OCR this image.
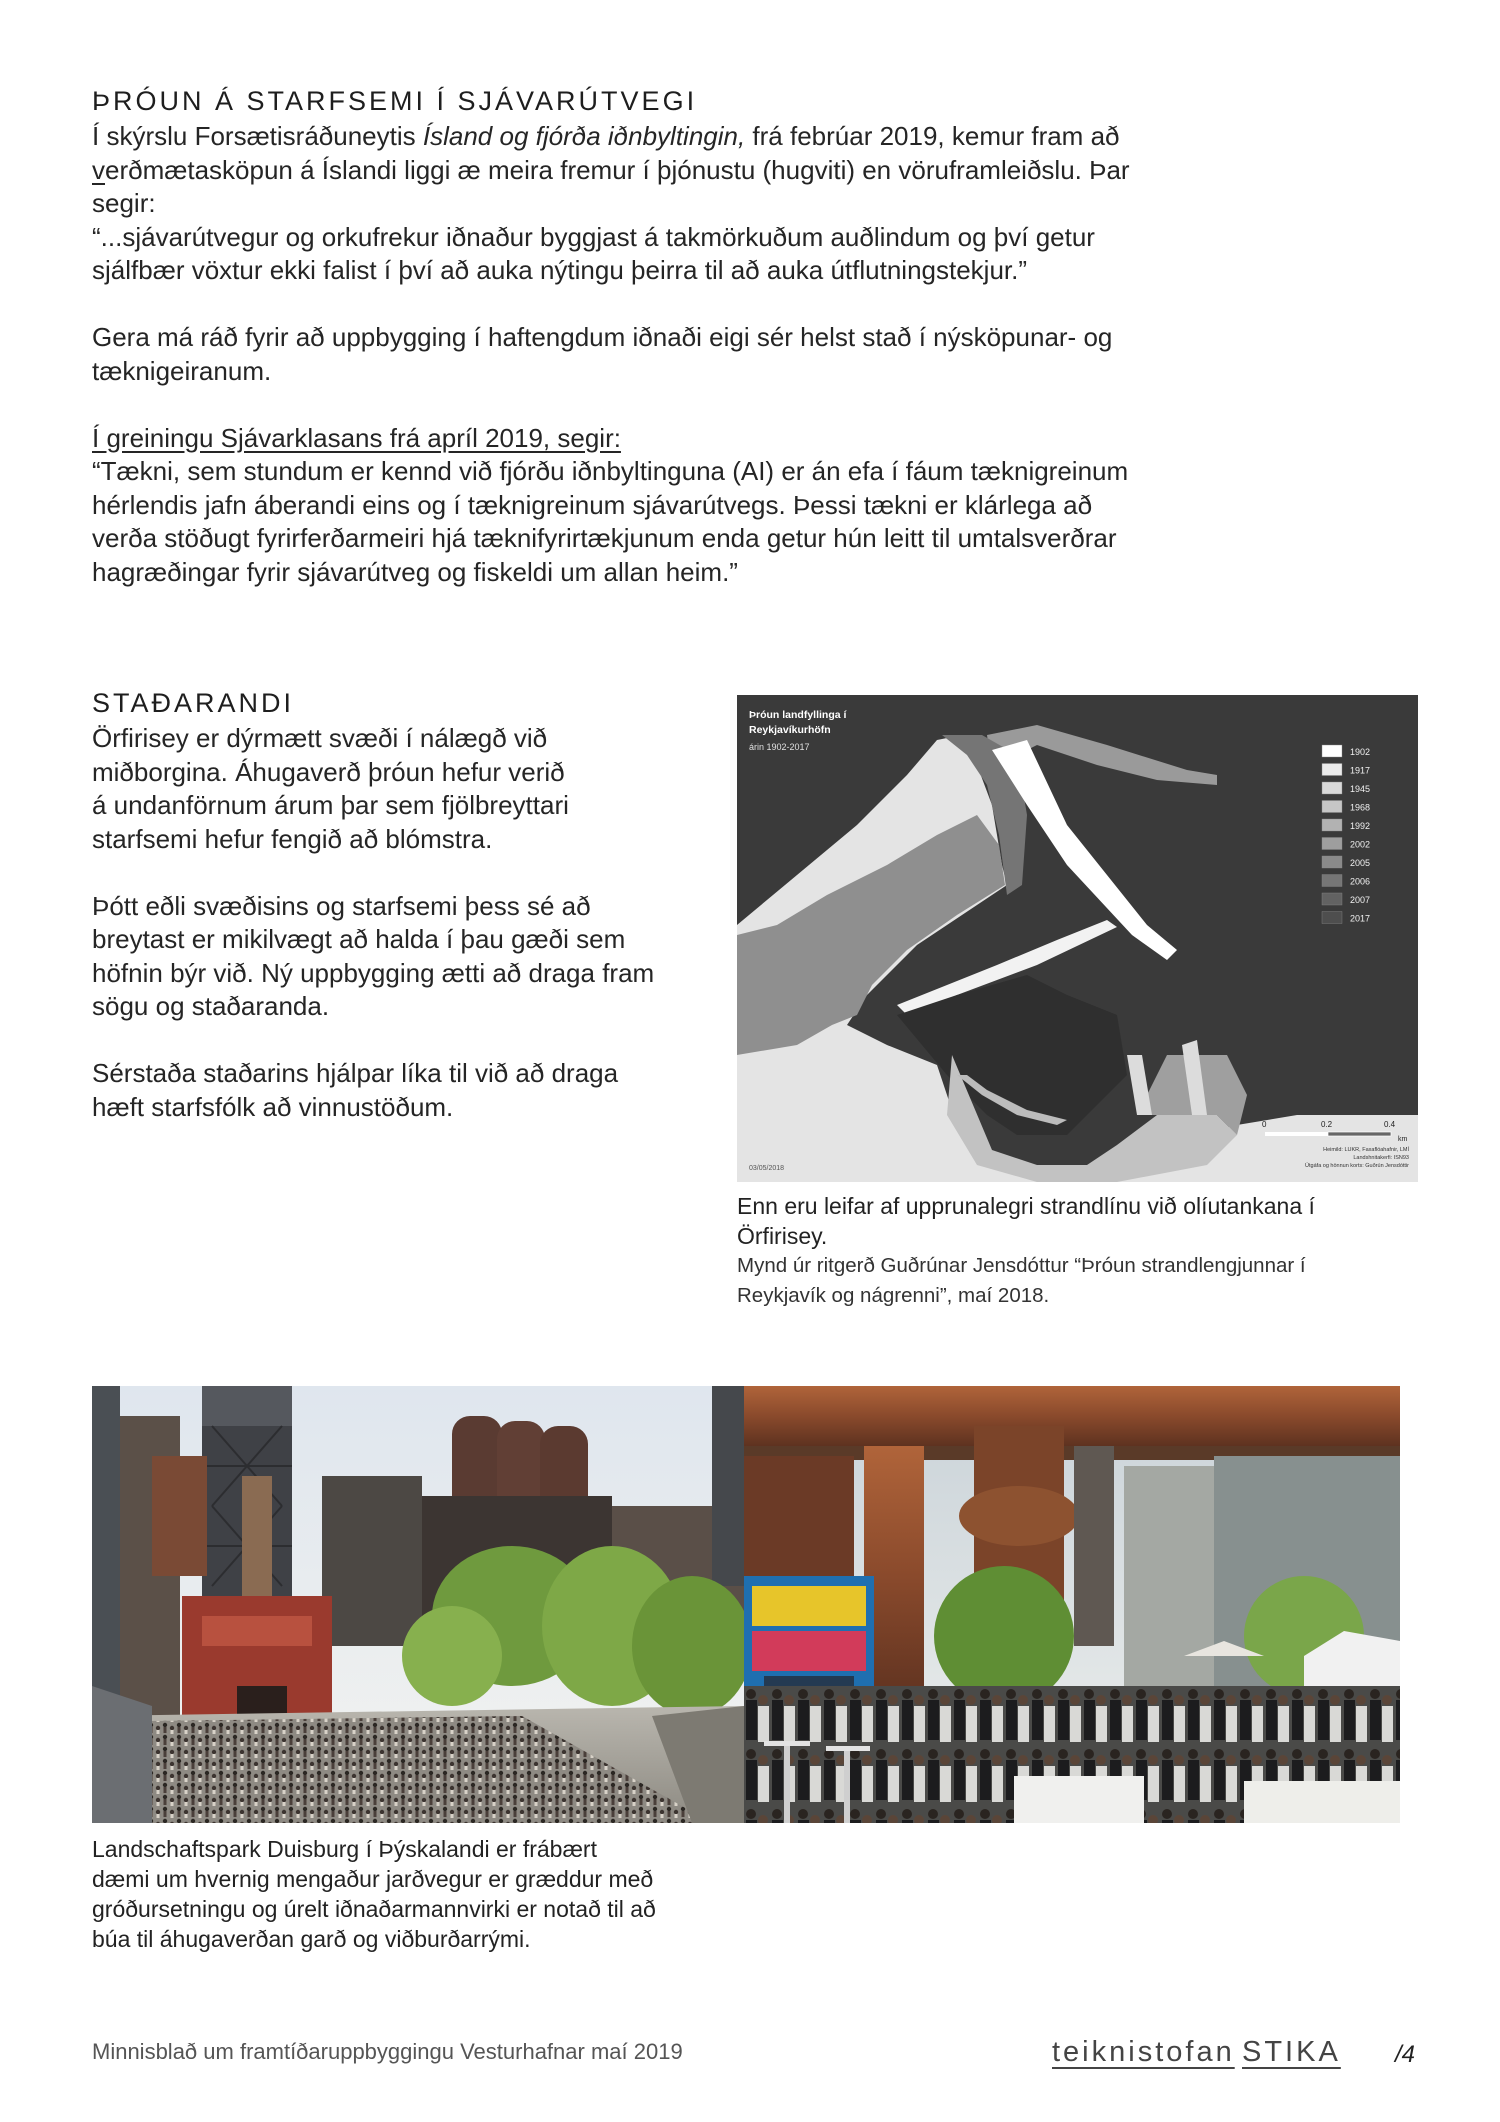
ÞRÓUN Á STARFSEMI Í SJÁVARÚTVEGI

Í skýrslu Forsætisráðuneytis Ísland og fjórða iðnbyltingin, frá febrúar 2019, kemur fram að

verðmætasköpun á Íslandi liggi æ meira fremur í þjónustu (hugviti) en vöruframleiðslu. Þar

segir:

“...sjávarútvegur og orkufrekur iðnaður byggjast á takmörkuðum auðlindum og því getur

sjálfbær vöxtur ekki falist í því að auka nýtingu þeirra til að auka útflutningstekjur.”

Gera má ráð fyrir að uppbygging í haftengdum iðnaði eigi sér helst stað í nýsköpunar- og

tæknigeiranum.

Í greiningu Sjávarklasans frá apríl 2019, segir:

“Tækni, sem stundum er kennd við fjórðu iðnbyltinguna (AI) er án efa í fáum tæknigreinum

hérlendis jafn áberandi eins og í tæknigreinum sjávarútvegs. Þessi tækni er klárlega að

verða stöðugt fyrirferðarmeiri hjá tæknifyrirtækjunum enda getur hún leitt til umtalsverðrar

hagræðingar fyrir sjávarútveg og fiskeldi um allan heim.”

STAÐARANDI

Örfirisey er dýrmætt svæði í nálægð við

miðborgina. Áhugaverð þróun hefur verið

á undanförnum árum þar sem fjölbreyttari

starfsemi hefur fengið að blómstra.

Þótt eðli svæðisins og starfsemi þess sé að

breytast er mikilvægt að halda í þau gæði sem

höfnin býr við. Ný uppbygging ætti að draga fram

sögu og staðaranda.

Sérstaða staðarins hjálpar líka til við að draga

hæft starfsfólk að vinnustöðum.

1902
1917
1945
1968
1992
2002
2005
2006
2007
2017
Þróun landfyllinga í
Reykjavíkurhöfn
árin 1902-2017
0	0.2	0.4
km
03/05/2018
Heimild: LUKR, Faxaflóahafnir, LMÍ
Landshnitakerfi: ISN93
Útgáfa og hönnun korts: Guðrún Jensdóttir

Enn eru leifar af upprunalegri strandlínu við olíutankana í

Örfirisey.

Mynd úr ritgerð Guðrúnar Jensdóttur “Þróun strandlengjunnar í

Reykjavík og nágrenni”, maí 2018.

Landschaftspark Duisburg í Þýskalandi er frábært

dæmi um hvernig mengaður jarðvegur er græddur með

gróðursetningu og úrelt iðnaðarmannvirki er notað til að

búa til áhugaverðan garð og viðburðarrými.

Minnisblað um framtíðaruppbyggingu Vesturhafnar maí 2019	teiknistofan STIKA /4
